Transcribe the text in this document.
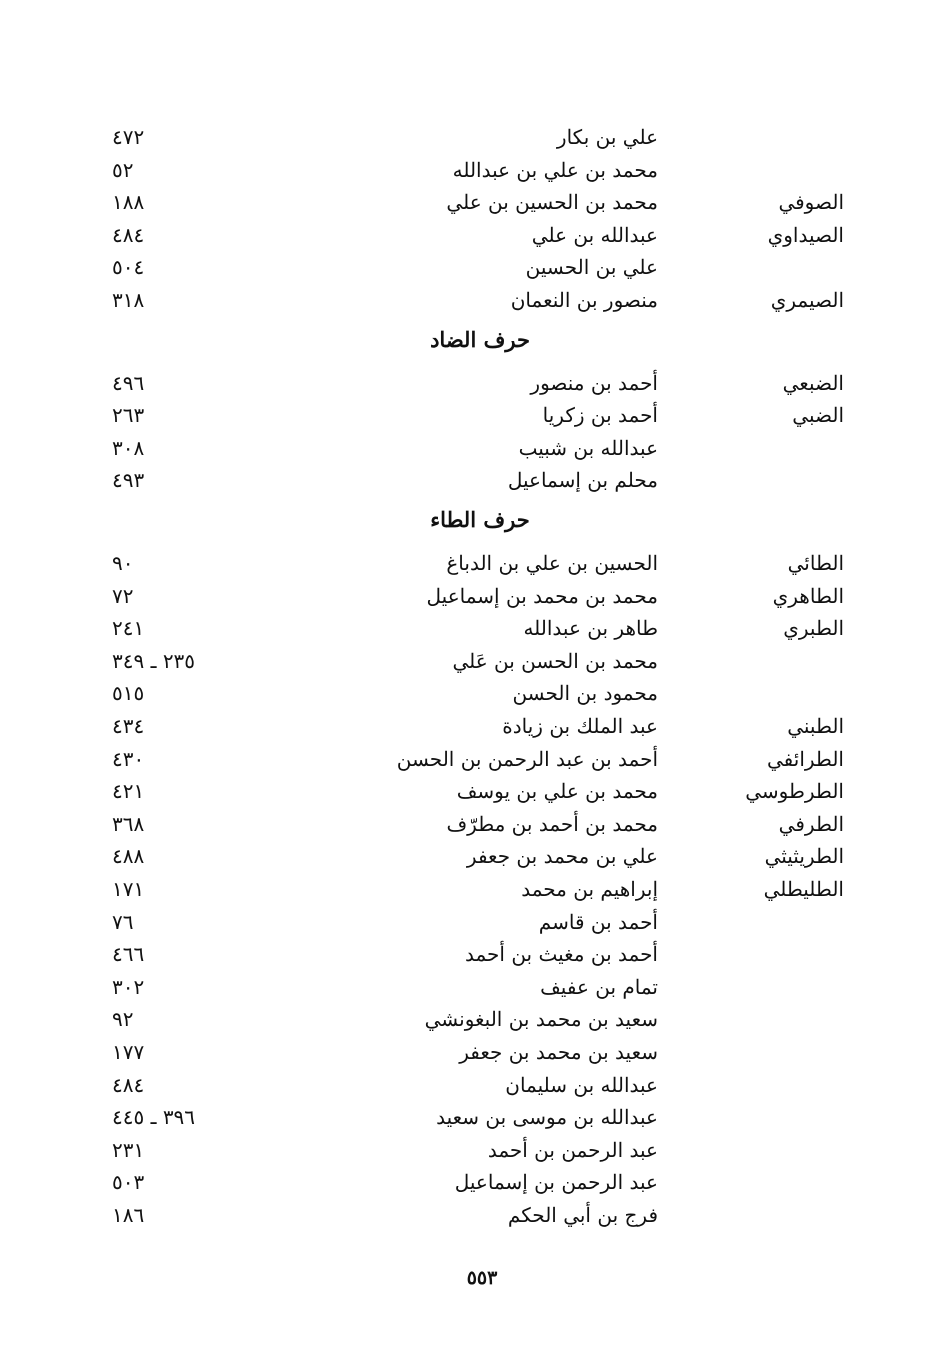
علي بن بكار
٤٧٢
محمد بن علي بن عبدالله
٥٢
الصوفي
محمد بن الحسين بن علي
١٨٨
الصيداوي
عبدالله بن علي
٤٨٤
علي بن الحسين
٥٠٤
الصيمري
منصور بن النعمان
٣١٨
حرف الضاد
الضبعي
أحمد بن منصور
٤٩٦
الضبي
أحمد بن زكريا
٢٦٣
عبدالله بن شبيب
٣٠٨
محلم بن إسماعيل
٤٩٣
حرف الطاء
الطائي
الحسين بن علي بن الدباغ
٩٠
الطاهري
محمد بن محمد بن إسماعيل
٧٢
الطبري
طاهر بن عبدالله
٢٤١
محمد بن الحسن بن عَلي
٢٣٥ ـ ٣٤٩
محمود بن الحسن
٥١٥
الطبني
عبد الملك بن زيادة
٤٣٤
الطرائفي
أحمد بن عبد الرحمن بن الحسن
٤٣٠
الطرطوسي
محمد بن علي بن يوسف
٤٢١
الطرفي
محمد بن أحمد بن مطرّف
٣٦٨
الطريثيثي
علي بن محمد بن جعفر
٤٨٨
الطليطلي
إبراهيم بن محمد
١٧١
أحمد بن قاسم
٧٦
أحمد بن مغيث بن أحمد
٤٦٦
تمام بن عفيف
٣٠٢
سعيد بن محمد بن البغونشي
٩٢
سعيد بن محمد بن جعفر
١٧٧
عبدالله بن سليمان
٤٨٤
عبدالله بن موسى بن سعيد
٣٩٦ ـ ٤٤٥
عبد الرحمن بن أحمد
٢٣١
عبد الرحمن بن إسماعيل
٥٠٣
فرج بن أبي الحكم
١٨٦
٥٥٣
